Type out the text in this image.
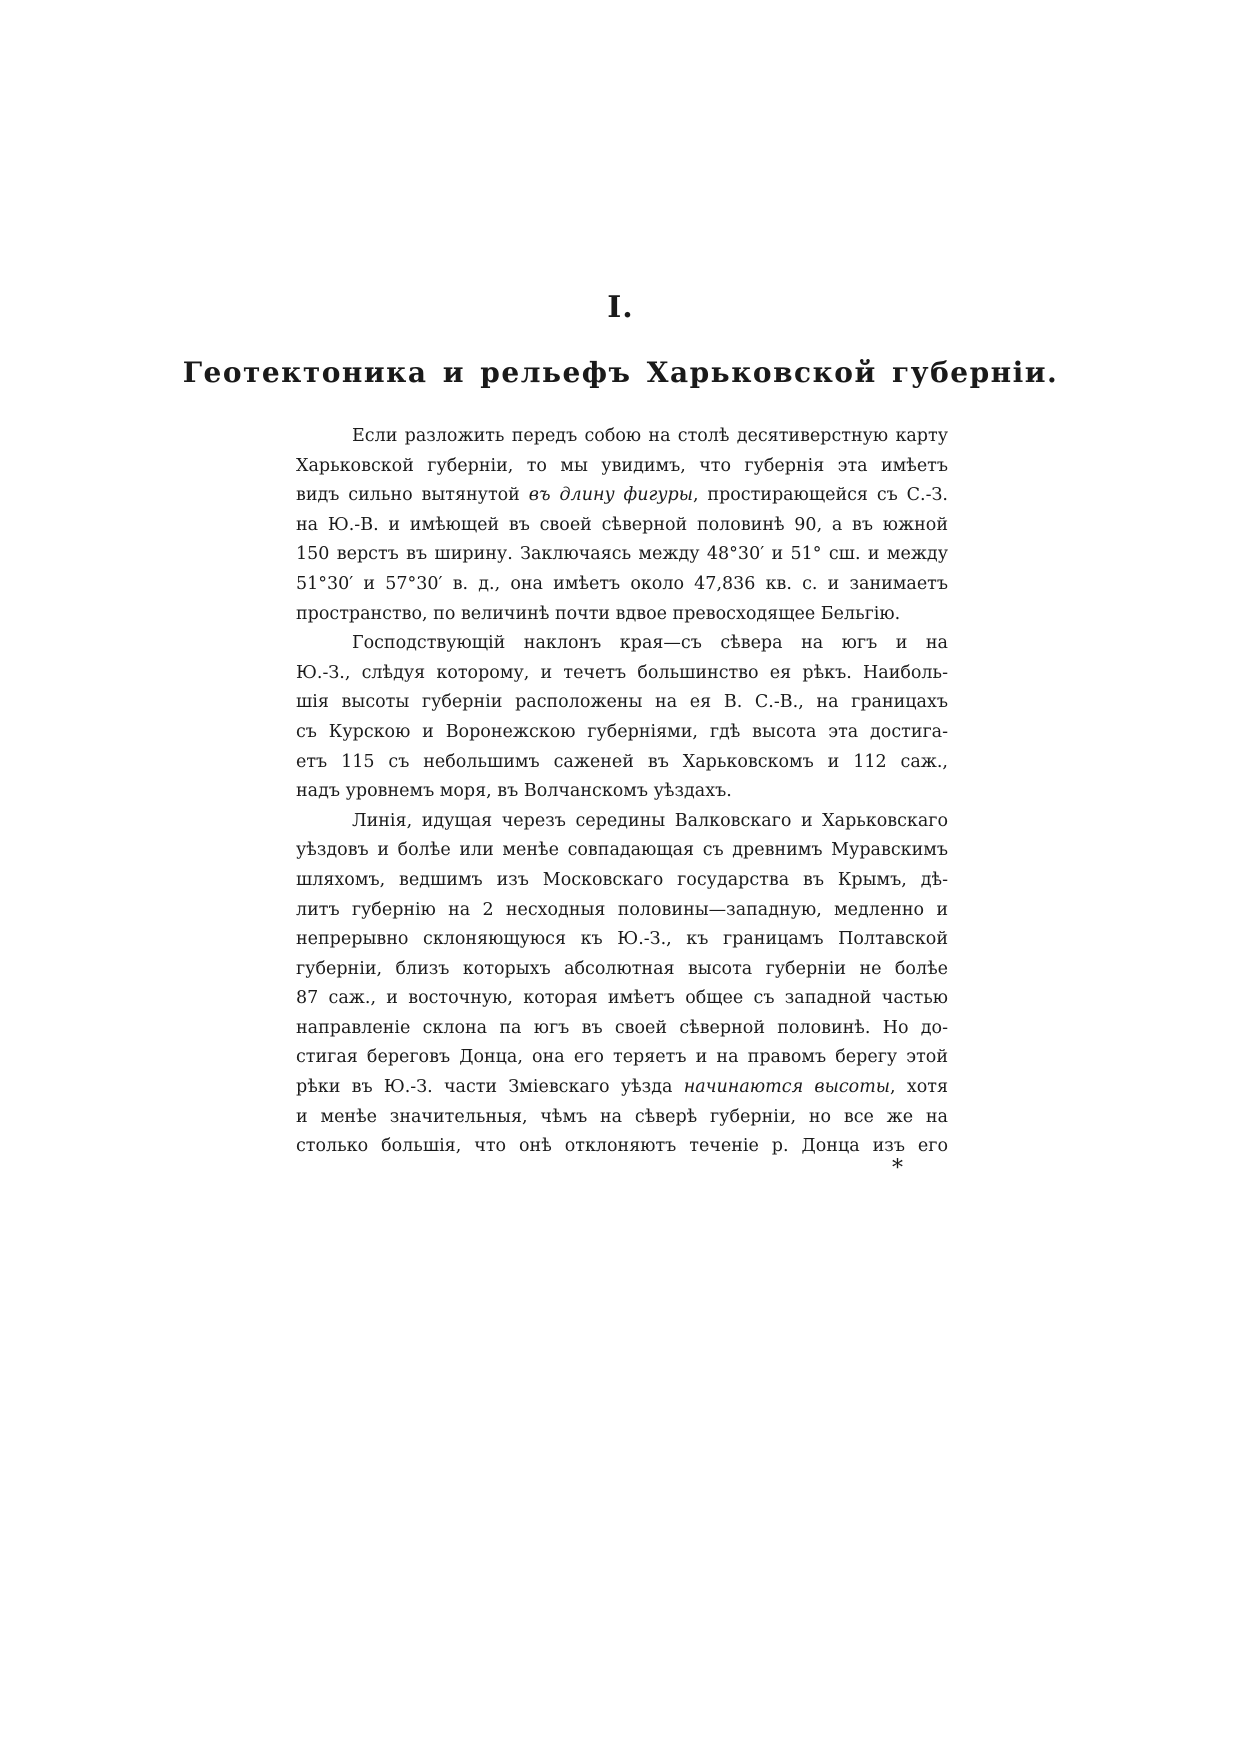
I.
Геотектоника и рельефъ Харьковской губерніи.
Если разложить передъ собою на столѣ десятиверстную карту
Харьковской губерніи, то мы увидимъ, что губернія эта имѣетъ
видъ сильно вытянутой въ длину фигуры, простирающейся съ С.-З.
на Ю.-В. и имѣющей въ своей сѣверной половинѣ 90, а въ южной
150 верстъ въ ширину. Заключаясь между 48°30′ и 51° сш. и между
51°30′ и 57°30′ в. д., она имѣетъ около 47,836 кв. с. и занимаетъ
пространство, по величинѣ почти вдвое превосходящее Бельгію.
Господствующій наклонъ края—съ сѣвера на югъ и на
Ю.-З., слѣдуя которому, и течетъ большинство ея рѣкъ. Наиболь-
шія высоты губерніи расположены на ея В. С.-В., на границахъ
съ Курскою и Воронежскою губерніями, гдѣ высота эта достига-
етъ 115 съ небольшимъ саженей въ Харьковскомъ и 112 саж.,
надъ уровнемъ моря, въ Волчанскомъ уѣздахъ.
Линія, идущая черезъ середины Валковскаго и Харьковскаго
уѣздовъ и болѣе или менѣе совпадающая съ древнимъ Муравскимъ
шляхомъ, ведшимъ изъ Московскаго государства въ Крымъ, дѣ-
литъ губернію на 2 несходныя половины—западную, медленно и
непрерывно склоняющуюся къ Ю.-З., къ границамъ Полтавской
губерніи, близъ которыхъ абсолютная высота губерніи не болѣе
87 саж., и восточную, которая имѣетъ общее съ западной частью
направленіе склона па югъ въ своей сѣверной половинѣ. Но до-
стигая береговъ Донца, она его теряетъ и на правомъ берегу этой
рѣки въ Ю.-З. части Зміевскаго уѣзда начинаются высоты, хотя
и менѣе значительныя, чѣмъ на сѣверѣ губерніи, но все же на
столько большія, что онѣ отклоняютъ теченіе р. Донца изъ его
*
